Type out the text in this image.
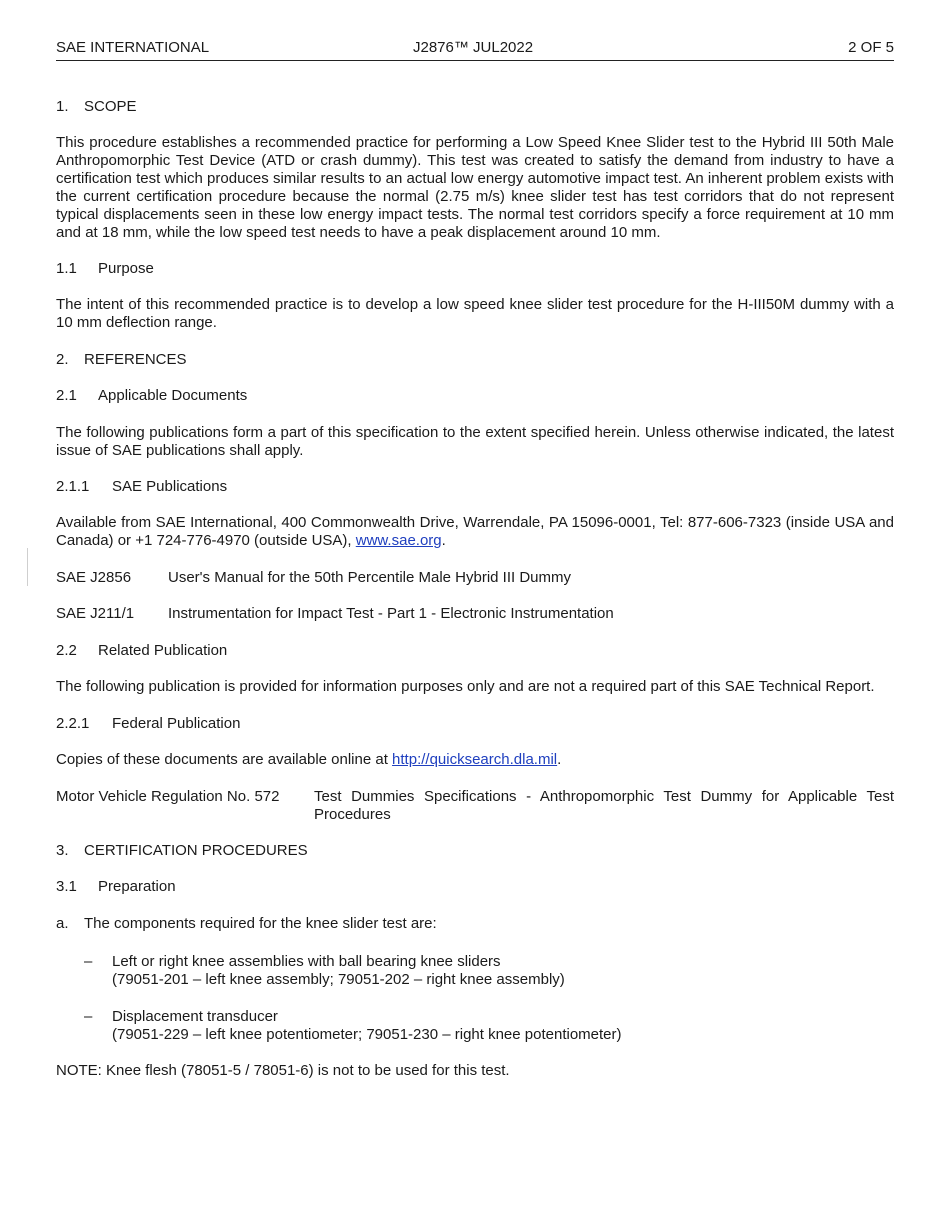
SAE INTERNATIONAL	J2876™ JUL2022	2 OF 5
1. SCOPE
This procedure establishes a recommended practice for performing a Low Speed Knee Slider test to the Hybrid III 50th Male Anthropomorphic Test Device (ATD or crash dummy). This test was created to satisfy the demand from industry to have a certification test which produces similar results to an actual low energy automotive impact test. An inherent problem exists with the current certification procedure because the normal (2.75 m/s) knee slider test has test corridors that do not represent typical displacements seen in these low energy impact tests. The normal test corridors specify a force requirement at 10 mm and at 18 mm, while the low speed test needs to have a peak displacement around 10 mm.
1.1 Purpose
The intent of this recommended practice is to develop a low speed knee slider test procedure for the H-III50M dummy with a 10 mm deflection range.
2. REFERENCES
2.1 Applicable Documents
The following publications form a part of this specification to the extent specified herein. Unless otherwise indicated, the latest issue of SAE publications shall apply.
2.1.1 SAE Publications
Available from SAE International, 400 Commonwealth Drive, Warrendale, PA 15096-0001, Tel: 877-606-7323 (inside USA and Canada) or +1 724-776-4970 (outside USA), www.sae.org.
SAE J2856 User's Manual for the 50th Percentile Male Hybrid III Dummy
SAE J211/1 Instrumentation for Impact Test - Part 1 - Electronic Instrumentation
2.2 Related Publication
The following publication is provided for information purposes only and are not a required part of this SAE Technical Report.
2.2.1 Federal Publication
Copies of these documents are available online at http://quicksearch.dla.mil.
Motor Vehicle Regulation No. 572 Test Dummies Specifications - Anthropomorphic Test Dummy for Applicable Test Procedures
3. CERTIFICATION PROCEDURES
3.1 Preparation
a. The components required for the knee slider test are:
– Left or right knee assemblies with ball bearing knee sliders
(79051-201 – left knee assembly; 79051-202 – right knee assembly)
– Displacement transducer
(79051-229 – left knee potentiometer; 79051-230 – right knee potentiometer)
NOTE: Knee flesh (78051-5 / 78051-6) is not to be used for this test.
